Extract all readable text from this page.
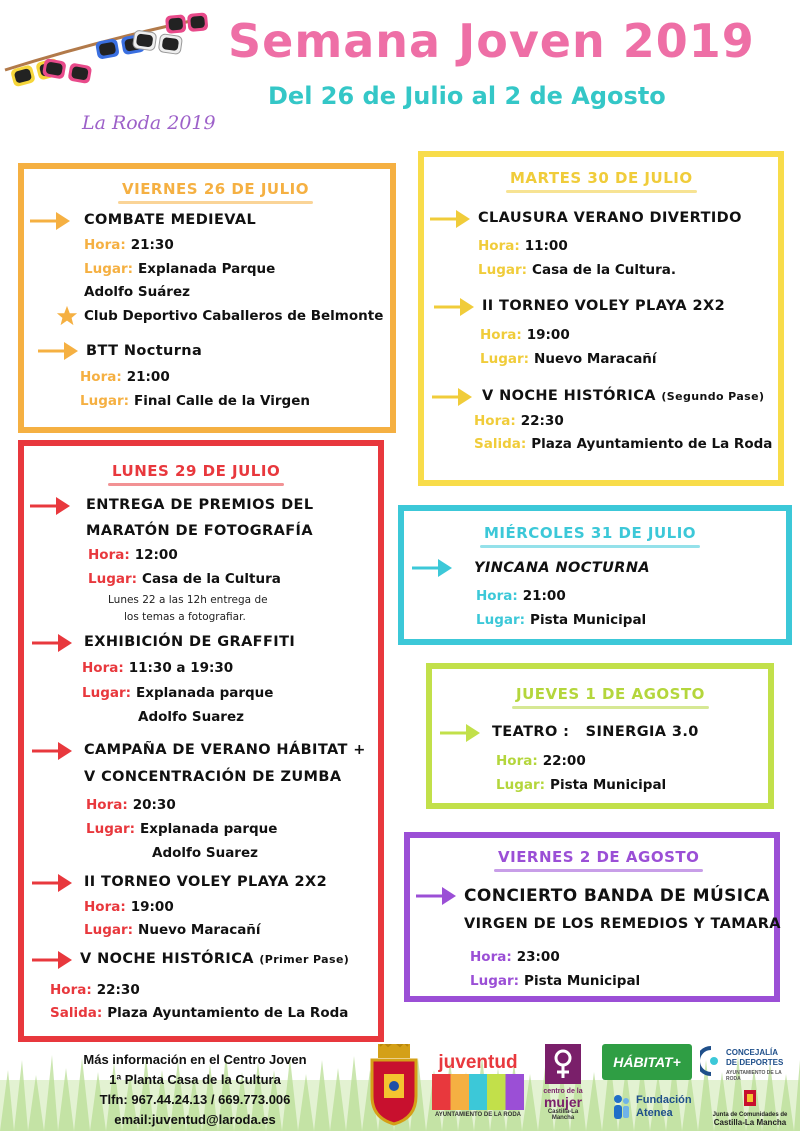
Semana Joven 2019
Del 26 de Julio al 2 de Agosto
La Roda 2019
VIERNES 26 DE JULIO
COMBATE MEDIEVAL
Hora: 21:30
Lugar: Explanada Parque
Adolfo Suárez
Club Deportivo Caballeros de Belmonte
BTT Nocturna
Hora: 21:00
Lugar: Final Calle de la Virgen
LUNES 29 DE JULIO
ENTREGA DE PREMIOS DEL
MARATÓN DE FOTOGRAFÍA
Hora: 12:00
Lugar: Casa de la Cultura
Lunes 22 a las 12h entrega de
los temas a fotografiar.
EXHIBICIÓN DE GRAFFITI
Hora: 11:30 a 19:30
Lugar: Explanada parque
Adolfo Suarez
CAMPAÑA DE VERANO HÁBITAT +
V CONCENTRACIÓN DE ZUMBA
Hora: 20:30
Lugar: Explanada parque
Adolfo Suarez
II TORNEO VOLEY PLAYA 2X2
Hora: 19:00
Lugar: Nuevo Maracañí
V NOCHE HISTÓRICA (Primer Pase)
Hora: 22:30
Salida: Plaza Ayuntamiento de La Roda
MARTES 30 DE JULIO
CLAUSURA VERANO DIVERTIDO
Hora: 11:00
Lugar: Casa de la Cultura.
II TORNEO VOLEY PLAYA 2X2
Hora: 19:00
Lugar: Nuevo Maracañí
V NOCHE HISTÓRICA (Segundo Pase)
Hora: 22:30
Salida: Plaza Ayuntamiento de La Roda
MIÉRCOLES 31 DE JULIO
YINCANA NOCTURNA
Hora: 21:00
Lugar: Pista Municipal
JUEVES 1 DE AGOSTO
TEATRO :   SINERGIA 3.0
Hora: 22:00
Lugar: Pista Municipal
VIERNES 2 DE AGOSTO
CONCIERTO BANDA DE MÚSICA
VIRGEN DE LOS REMEDIOS Y TAMARA
Hora: 23:00
Lugar: Pista Municipal
Más información en el Centro Joven
1ª Planta Casa de la Cultura
Tlfn: 967.44.24.13 / 669.773.006
email:juventud@laroda.es
juventud
AYUNTAMIENTO DE LA RODA
centro de la
mujer
Castilla-La Mancha
HÁBITAT+
Fundación
Atenea
CONCEJALÍA
DE DEPORTES
AYUNTAMIENTO DE LA RODA
Junta de Comunidades de
Castilla-La Mancha
